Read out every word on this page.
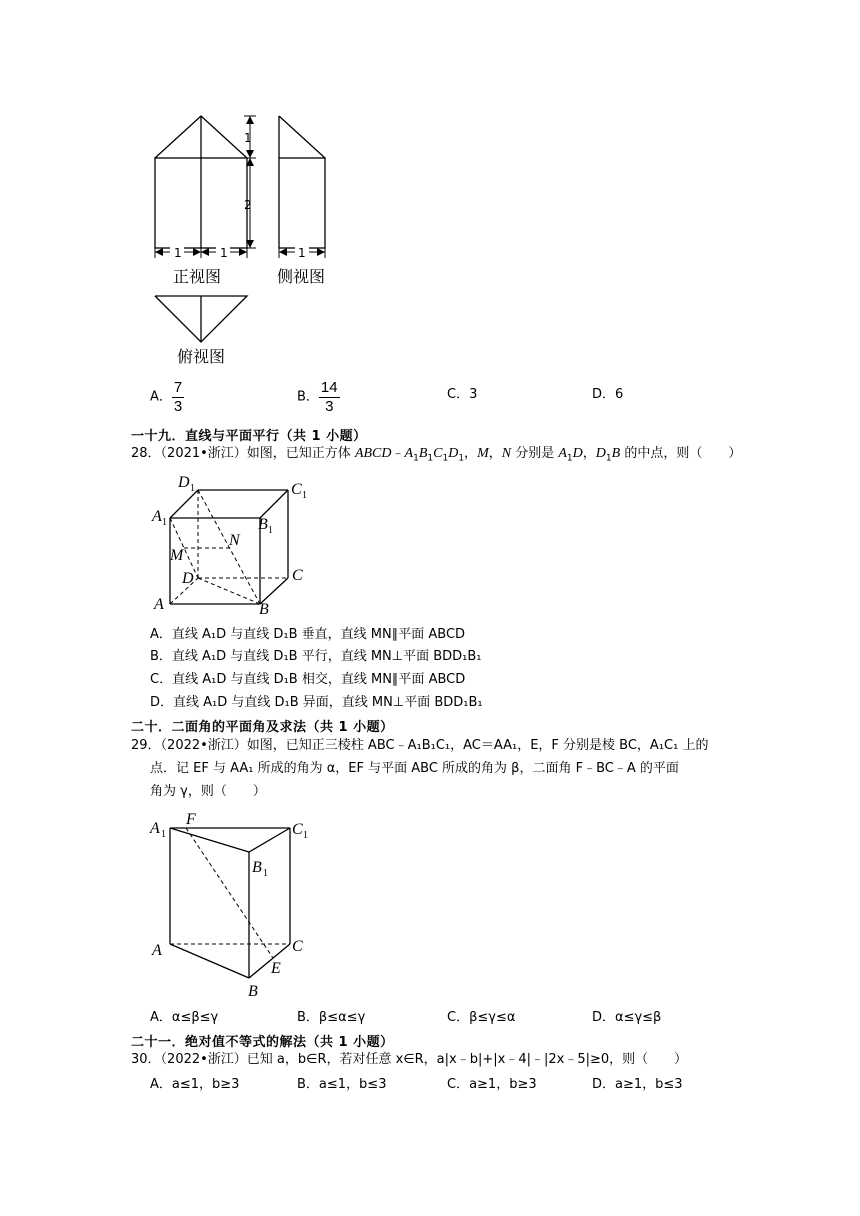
1
2
1	1	1
正视图	侧视图
俯视图
A． $\frac{7}{3}$	B． $\frac{14}{3}$	C．3	D．6
一十九．直线与平面平行（共 1 小题）
28．（2021•浙江）如图，已知正方体 $ABCD﹣A_1B_1C_1D_1$，M，N 分别是 $A_1D$，$D_1B$ 的中点，则（　　）
D 1
A 1	B 1
C 1
M
N
D	C
A	B
A．直线 A₁D 与直线 D₁B 垂直，直线 MN∥平面 ABCD
B．直线 A₁D 与直线 D₁B 平行，直线 MN⊥平面 BDD₁B₁
C．直线 A₁D 与直线 D₁B 相交，直线 MN∥平面 ABCD
D．直线 A₁D 与直线 D₁B 异面，直线 MN⊥平面 BDD₁B₁
二十．二面角的平面角及求法（共 1 小题）
29．（2022•浙江）如图，已知正三棱柱 ABC﹣A₁B₁C₁，AC＝AA₁，E，F 分别是棱 BC，A₁C₁ 上的
点．记 EF 与 AA₁ 所成的角为 α，EF 与平面 ABC 所成的角为 β，二面角 F﹣BC﹣A 的平面
角为 γ，则（　　）
A 1
F
C 1
B 1
A	C
E
B
A．α≤β≤γ	B．β≤α≤γ	C．β≤γ≤α	D．α≤γ≤β
二十一．绝对值不等式的解法（共 1 小题）
30．（2022•浙江）已知 a，b∈R，若对任意 x∈R，a|x﹣b|+|x﹣4|﹣|2x﹣5|≥0，则（　　）
A．a≤1，b≥3	B．a≤1，b≤3	C．a≥1，b≥3	D．a≥1，b≤3
